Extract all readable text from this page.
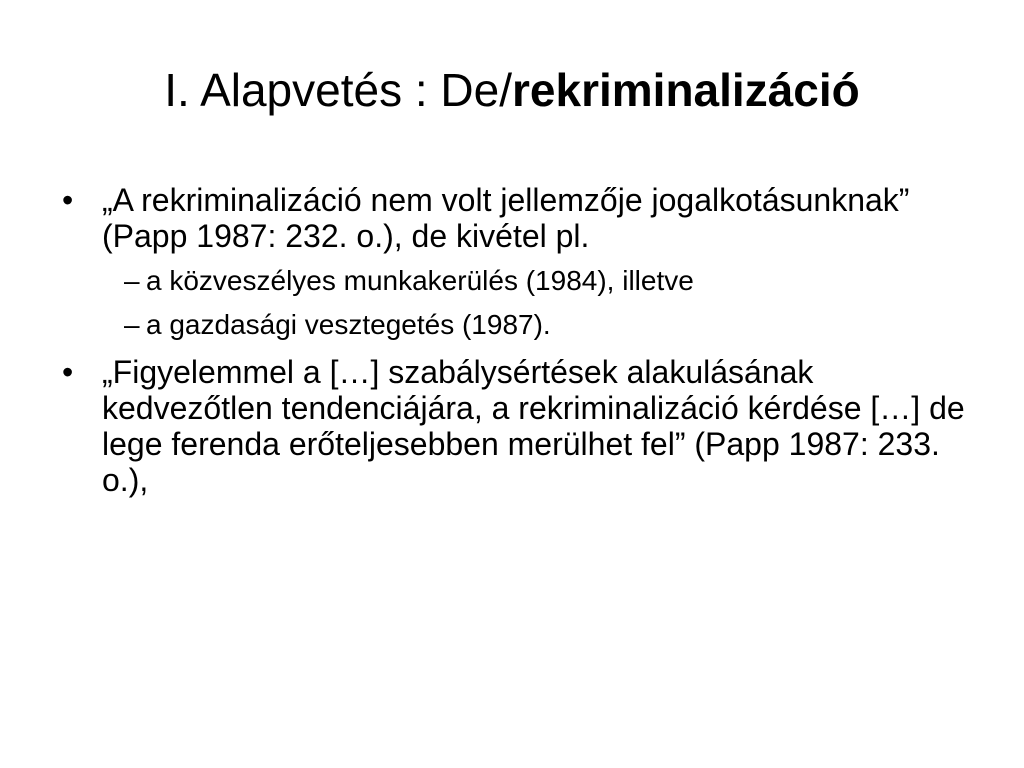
I. Alapvetés : De/rekriminalizáció
• „A rekriminalizáció nem volt jellemzője jogalkotásunknak” (Papp 1987: 232. o.), de kivétel pl.
– a közveszélyes munkakerülés (1984), illetve
– a gazdasági vesztegetés (1987).
• „Figyelemmel a […] szabálysértések alakulásának kedvezőtlen tendenciájára, a rekriminalizáció kérdése […] de lege ferenda erőteljesebben merülhet fel” (Papp 1987: 233. o.),
